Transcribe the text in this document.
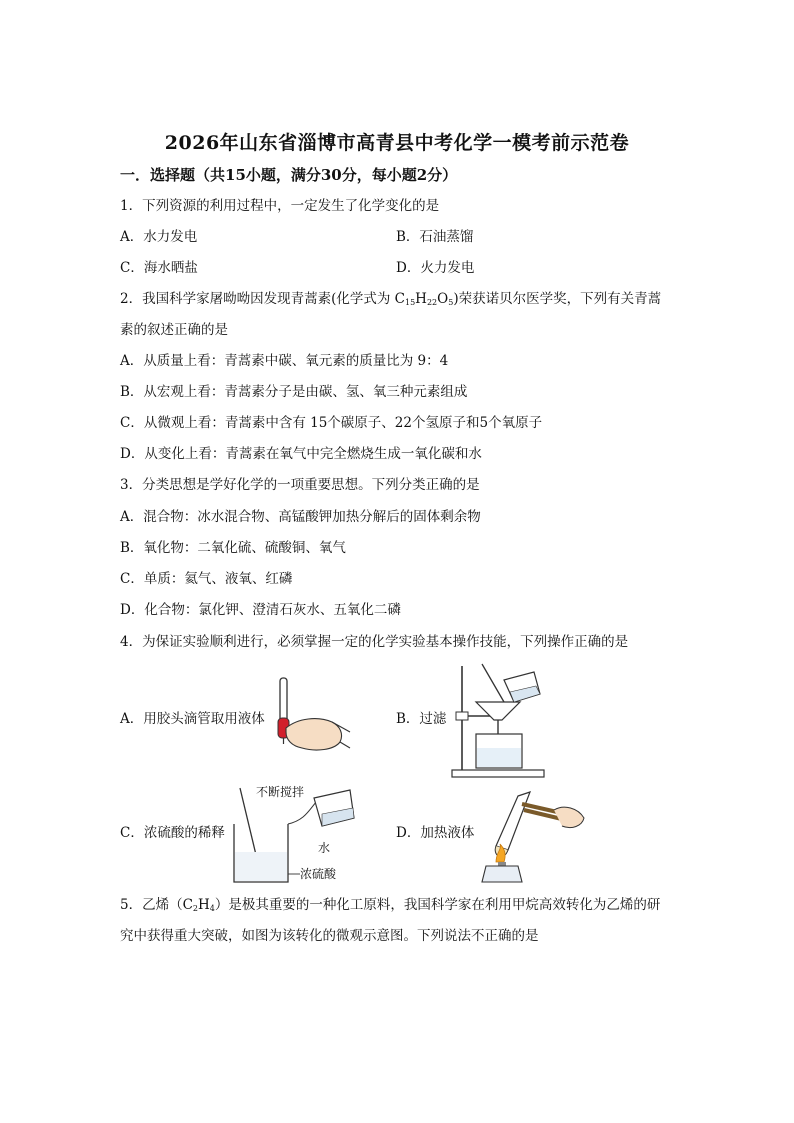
2026年山东省淄博市高青县中考化学一模考前示范卷
一．选择题（共15小题，满分30分，每小题2分）
1．下列资源的利用过程中，一定发生了化学变化的是
A．水力发电	B．石油蒸馏
C．海水晒盐	D．火力发电
2．我国科学家屠呦呦因发现青蒿素(化学式为 $C_{15}H_{22}O_5$)荣获诺贝尔医学奖，下列有关青蒿
素的叙述正确的是
A．从质量上看：青蒿素中碳、氧元素的质量比为 9：4
B．从宏观上看：青蒿素分子是由碳、氢、氧三种元素组成
C．从微观上看：青蒿素中含有 15个碳原子、22个氢原子和5个氧原子
D．从变化上看：青蒿素在氧气中完全燃烧生成一氧化碳和水
3．分类思想是学好化学的一项重要思想。下列分类正确的是
A．混合物：冰水混合物、高锰酸钾加热分解后的固体剩余物
B．氧化物：二氧化硫、硫酸铜、氧气
C．单质：氦气、液氧、红磷
D．化合物：氯化钾、澄清石灰水、五氧化二磷
4．为保证实验顺利进行，必须掌握一定的化学实验基本操作技能，下列操作正确的是
A．用胶头滴管取用液体	B．过滤
C．浓硫酸的稀释	D．加热液体
不断搅拌
水
浓硫酸
5．乙烯$(C_2H_4)$是极其重要的一种化工原料，我国科学家在利用甲烷高效转化为乙烯的研
究中获得重大突破，如图为该转化的微观示意图。下列说法不正确的是
